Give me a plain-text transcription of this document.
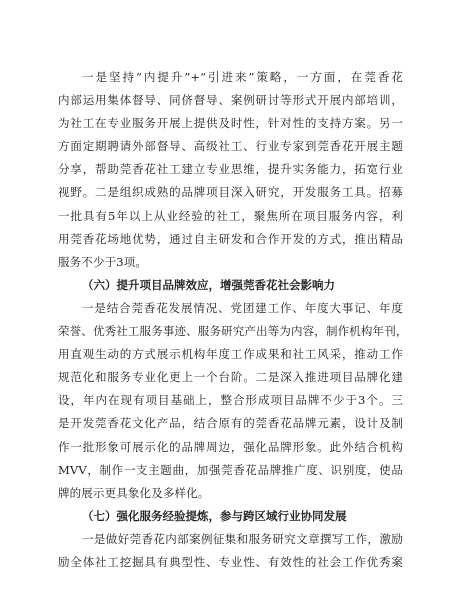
一是坚持“内提升”+“引进来”策略，一方面，在莞香花
内部运用集体督导、同侪督导、案例研讨等形式开展内部培训，
为社工在专业服务开展上提供及时性，针对性的支持方案。另一
方面定期聘请外部督导、高级社工、行业专家到莞香花开展主题
分享，帮助莞香花社工建立专业思维，提升实务能力，拓宽行业
视野。二是组织成熟的品牌项目深入研究，开发服务工具。招募
一批具有5年以上从业经验的社工，聚焦所在项目服务内容，利
用莞香花场地优势，通过自主研发和合作开发的方式，推出精品
服务不少于3项。

（六）提升项目品牌效应，增强莞香花社会影响力

一是结合莞香花发展情况、党团建工作、年度大事记、年度
荣誉、优秀社工服务事迹、服务研究产出等为内容，制作机构年刊，
用直观生动的方式展示机构年度工作成果和社工风采，推动工作
规范化和服务专业化更上一个台阶。二是深入推进项目品牌化建
设，年内在现有项目基础上，整合形成项目品牌不少于3个。三
是开发莞香花文化产品，结合原有的莞香花品牌元素，设计及制
作一批形象可展示化的品牌周边，强化品牌形象。此外结合机构
MVV，制作一支主题曲，加强莞香花品牌推广度、识别度，使品
牌的展示更具象化及多样化。

（七）强化服务经验提炼，参与跨区域行业协同发展

一是做好莞香花内部案例征集和服务研究文章撰写工作，激励
励全体社工挖掘具有典型性、专业性、有效性的社会工作优秀案
